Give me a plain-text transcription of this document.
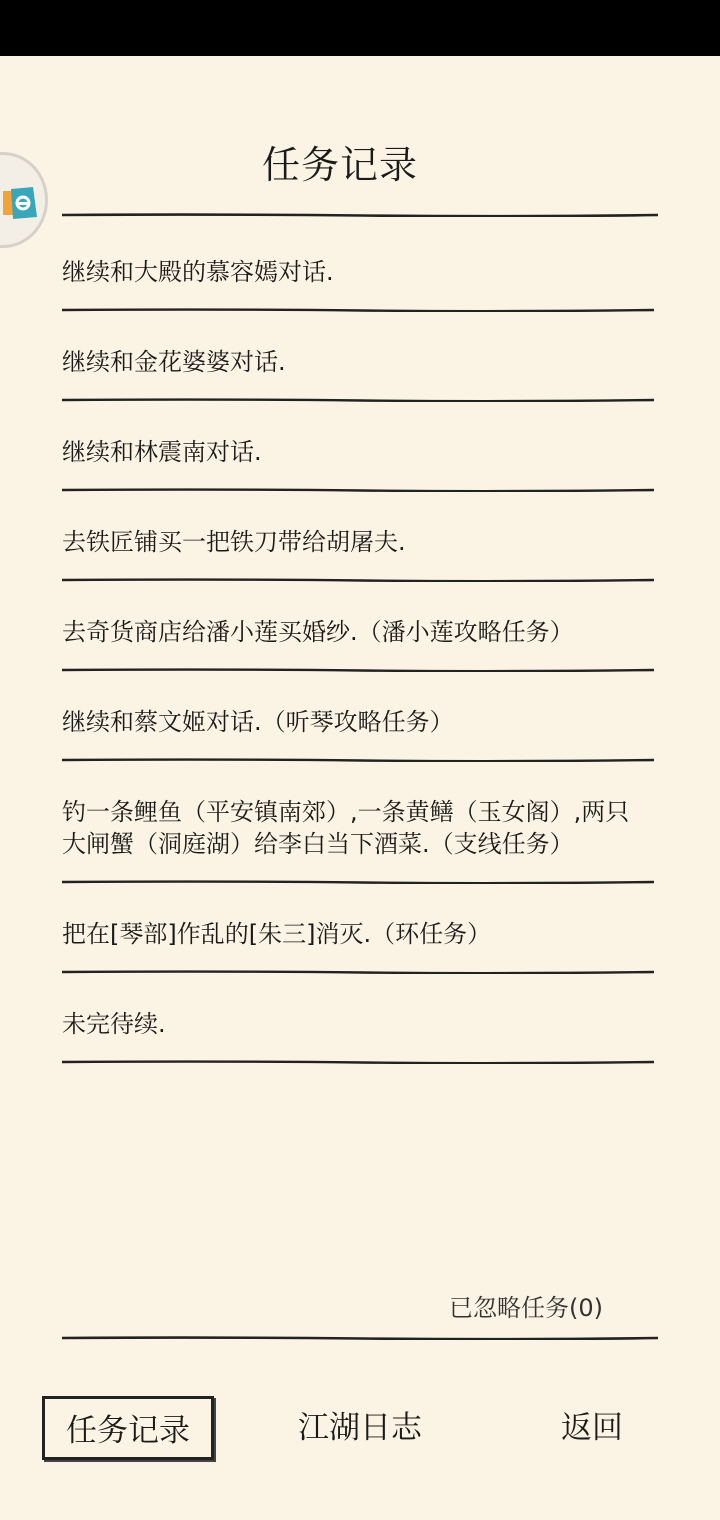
任务记录

继续和大殿的慕容嫣对话.

继续和金花婆婆对话.

继续和林震南对话.

去铁匠铺买一把铁刀带给胡屠夫.

去奇货商店给潘小莲买婚纱.（潘小莲攻略任务）

继续和蔡文姬对话.（听琴攻略任务）

钓一条鲤鱼（平安镇南郊）,一条黄鳝（玉女阁）,两只大闸蟹（洞庭湖）给李白当下酒菜.（支线任务）

把在[琴部]作乱的[朱三]消灭.（环任务）

未完待续.

已忽略任务(0)
任务记录	江湖日志	返回
